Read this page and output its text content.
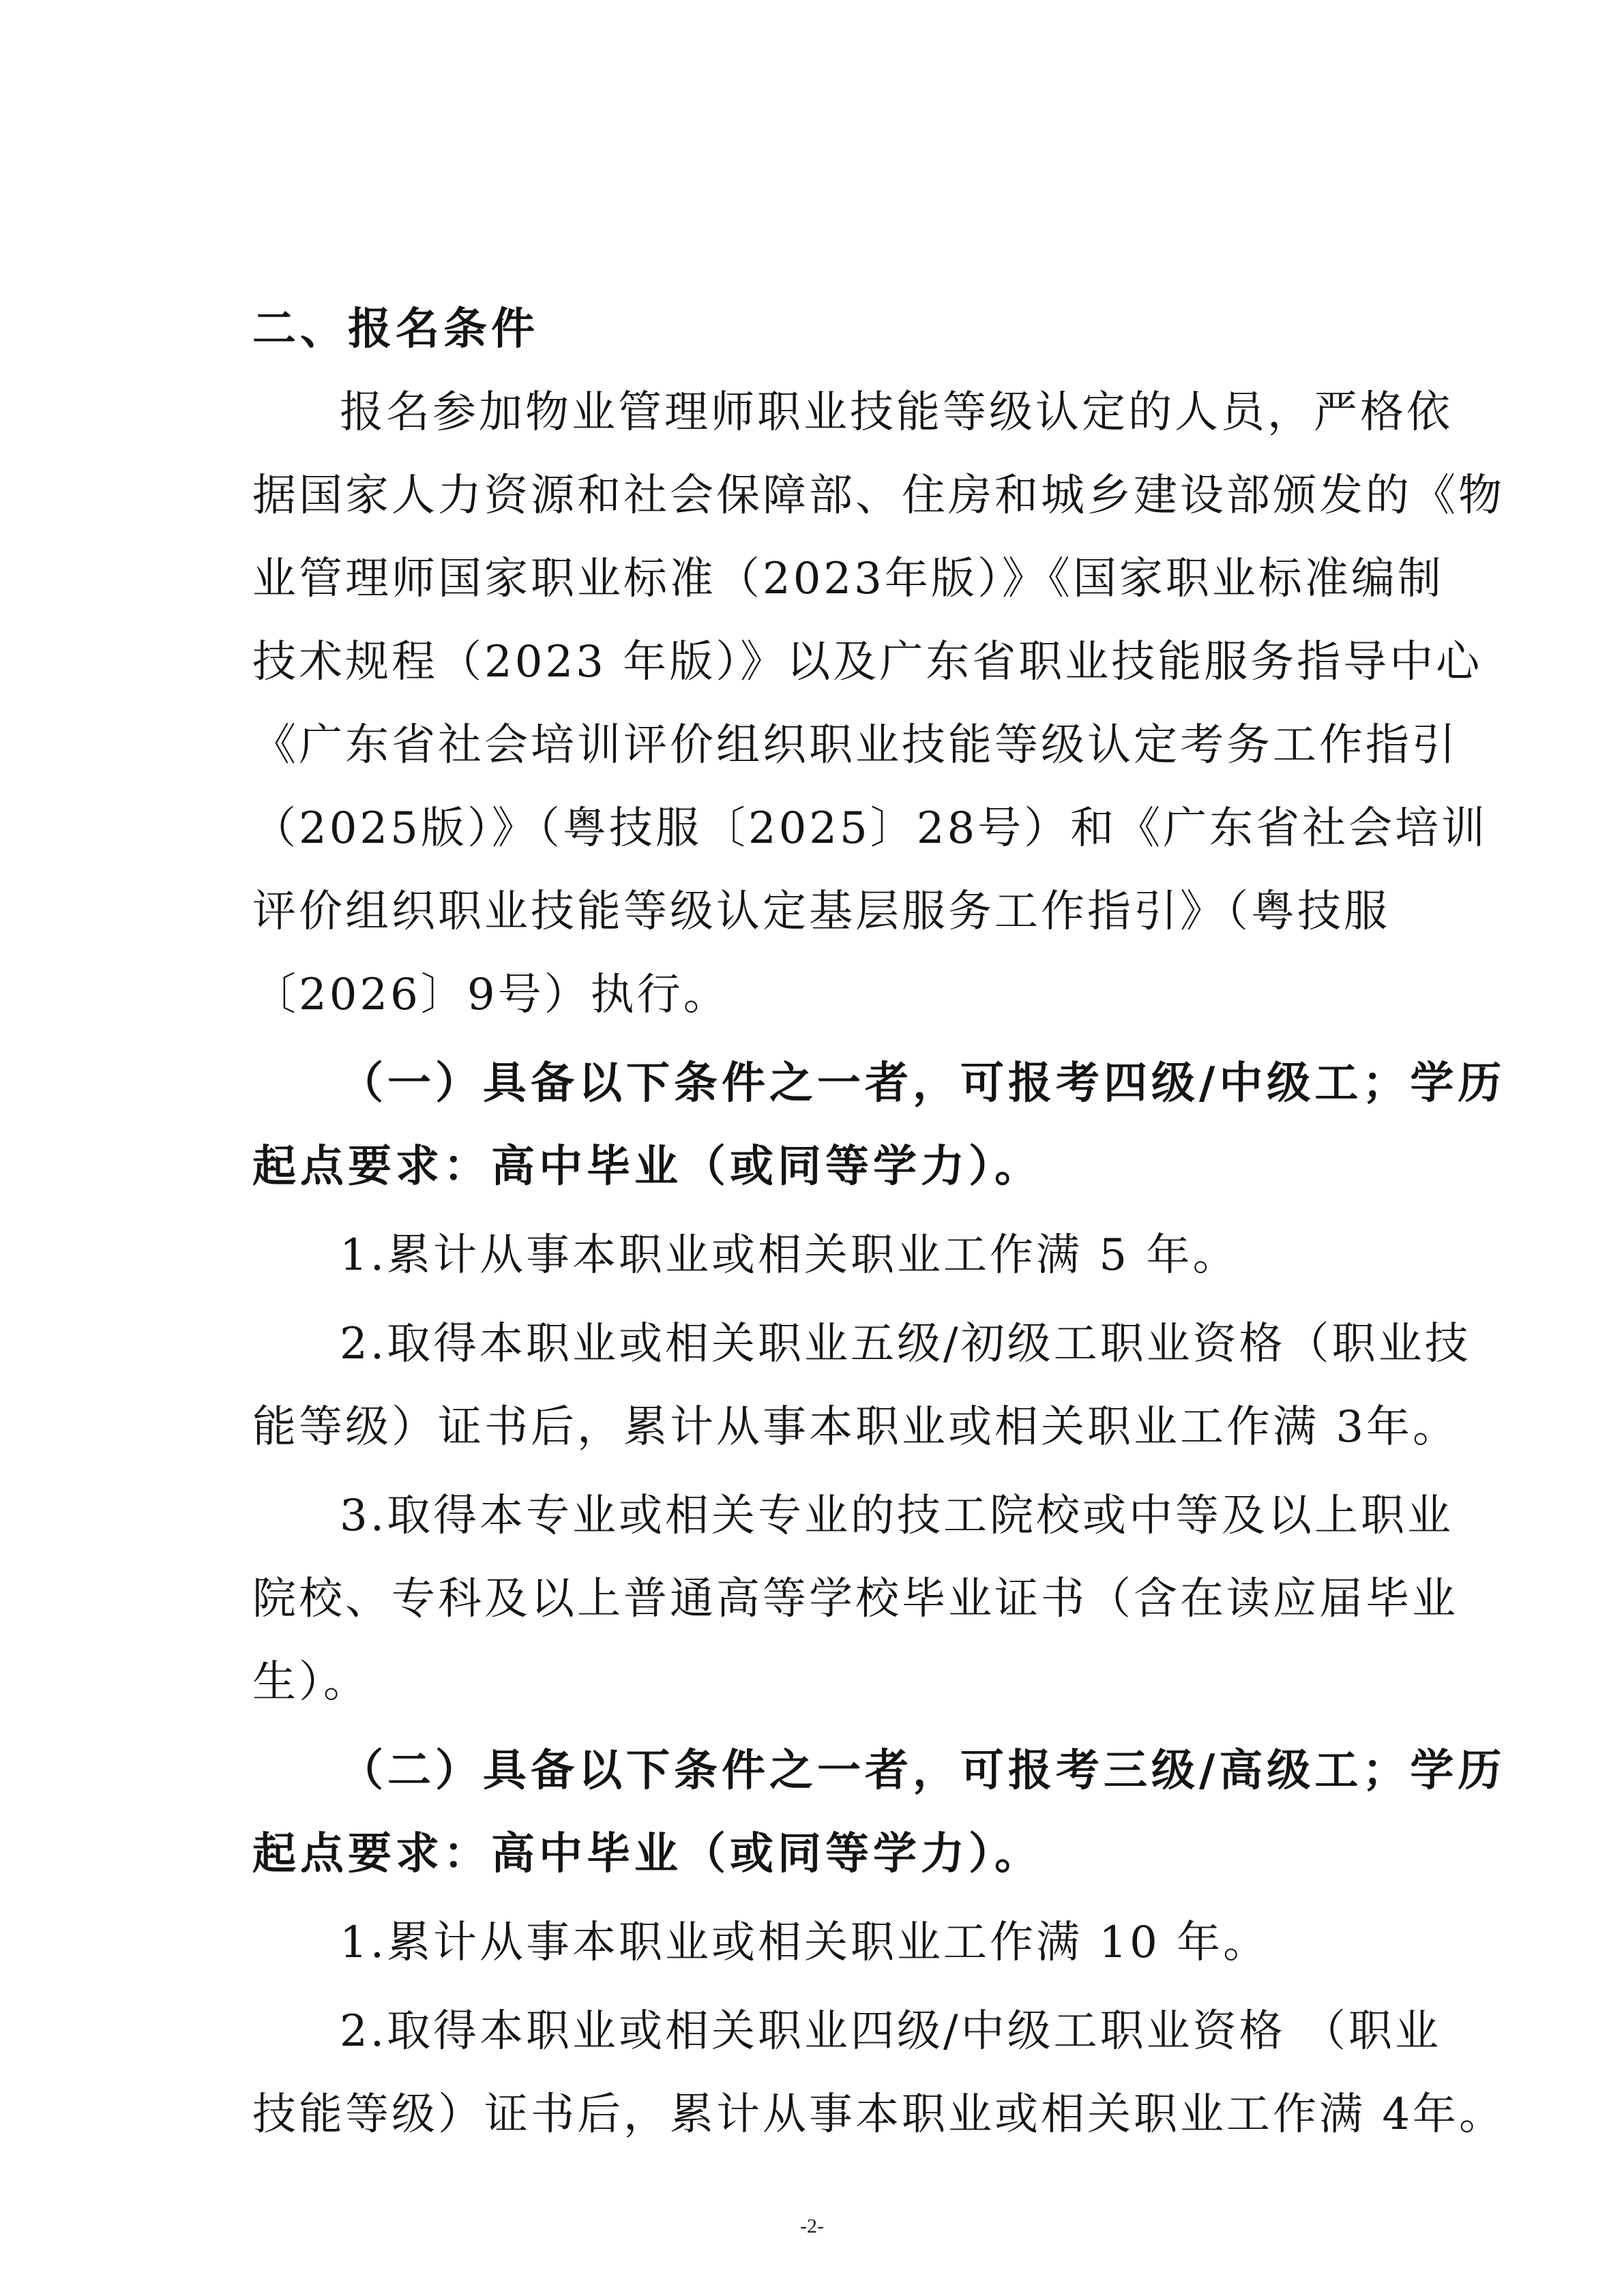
二、报名条件
报名参加物业管理师职业技能等级认定的人员，严格依
据国家人力资源和社会保障部、住房和城乡建设部颁发的《物
业管理师国家职业标准（2023年版）》《国家职业标准编制
技术规程（2023 年版）》以及广东省职业技能服务指导中心
《广东省社会培训评价组织职业技能等级认定考务工作指引
（2025版）》（粤技服〔2025〕28号）和《广东省社会培训
评价组织职业技能等级认定基层服务工作指引》（粤技服
〔2026〕9号）执行。
（一）具备以下条件之一者，可报考四级/中级工；学历
起点要求：高中毕业（或同等学力）。
1.累计从事本职业或相关职业工作满 5 年。
2.取得本职业或相关职业五级/初级工职业资格（职业技
能等级）证书后，累计从事本职业或相关职业工作满 3年。
3.取得本专业或相关专业的技工院校或中等及以上职业
院校、专科及以上普通高等学校毕业证书（含在读应届毕业
生）。
（二）具备以下条件之一者，可报考三级/高级工；学历
起点要求：高中毕业（或同等学力）。
1.累计从事本职业或相关职业工作满 10 年。
2.取得本职业或相关职业四级/中级工职业资格 （职业
技能等级）证书后，累计从事本职业或相关职业工作满 4年。
-2-
